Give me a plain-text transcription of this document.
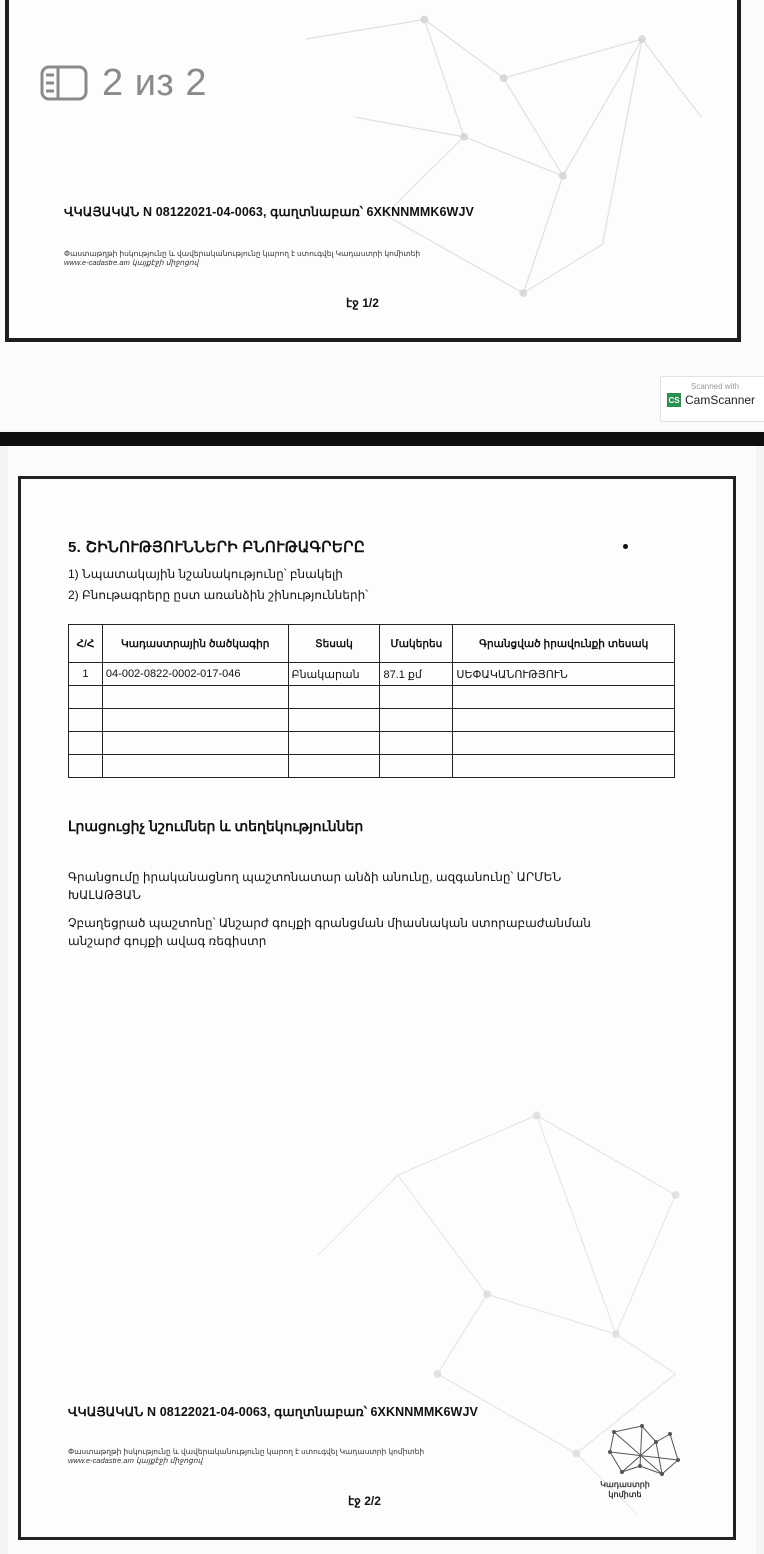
2 из 2
ՎԿԱՅԱԿԱՆ N 08122021-04-0063, գաղտնաբառ՝ 6XKNNMMK6WJV
Փաստաթղթի իսկությունը և վավերականությունը կարող է ստուգվել Կադաստրի կոմիտեի
www.e-cadastre.am կայքէջի միջոցով
էջ 1/2
Scanned with
CS CamScanner
5. ՇԻՆՈՒԹՅՈՒՆՆԵՐԻ ԲՆՈՒԹԱԳՐԵՐԸ
1) Նպատակային նշանակությունը՝ բնակելի
2) Բնութագրերը ըստ առանձին շինությունների՝
Հ/Հ	Կադաստրային ծածկագիր	Տեսակ	Մակերես	Գրանցված իրավունքի տեսակ
1	04-002-0822-0002-017-046	Բնակարան	87.1 քմ	ՍԵՓԱԿԱՆՈՒԹՅՈՒՆ

Լրացուցիչ նշումներ և տեղեկություններ
Գրանցումը իրականացնող պաշտոնատար անձի անունը, ազգանունը՝ ԱՐՄԵՆ
ԽԱԼԱԹՅԱՆ
Չբաղեցրած պաշտոնը՝ Անշարժ գույքի գրանցման միասնական ստորաբաժանման
անշարժ գույքի ավագ ռեգիստր
ՎԿԱՅԱԿԱՆ N 08122021-04-0063, գաղտնաբառ՝ 6XKNNMMK6WJV
Փաստաթղթի իսկությունը և վավերականությունը կարող է ստուգվել Կադաստրի կոմիտեի
www.e-cadastre.am կայքէջի միջոցով
էջ 2/2
Կադաստրի
կոմիտե
